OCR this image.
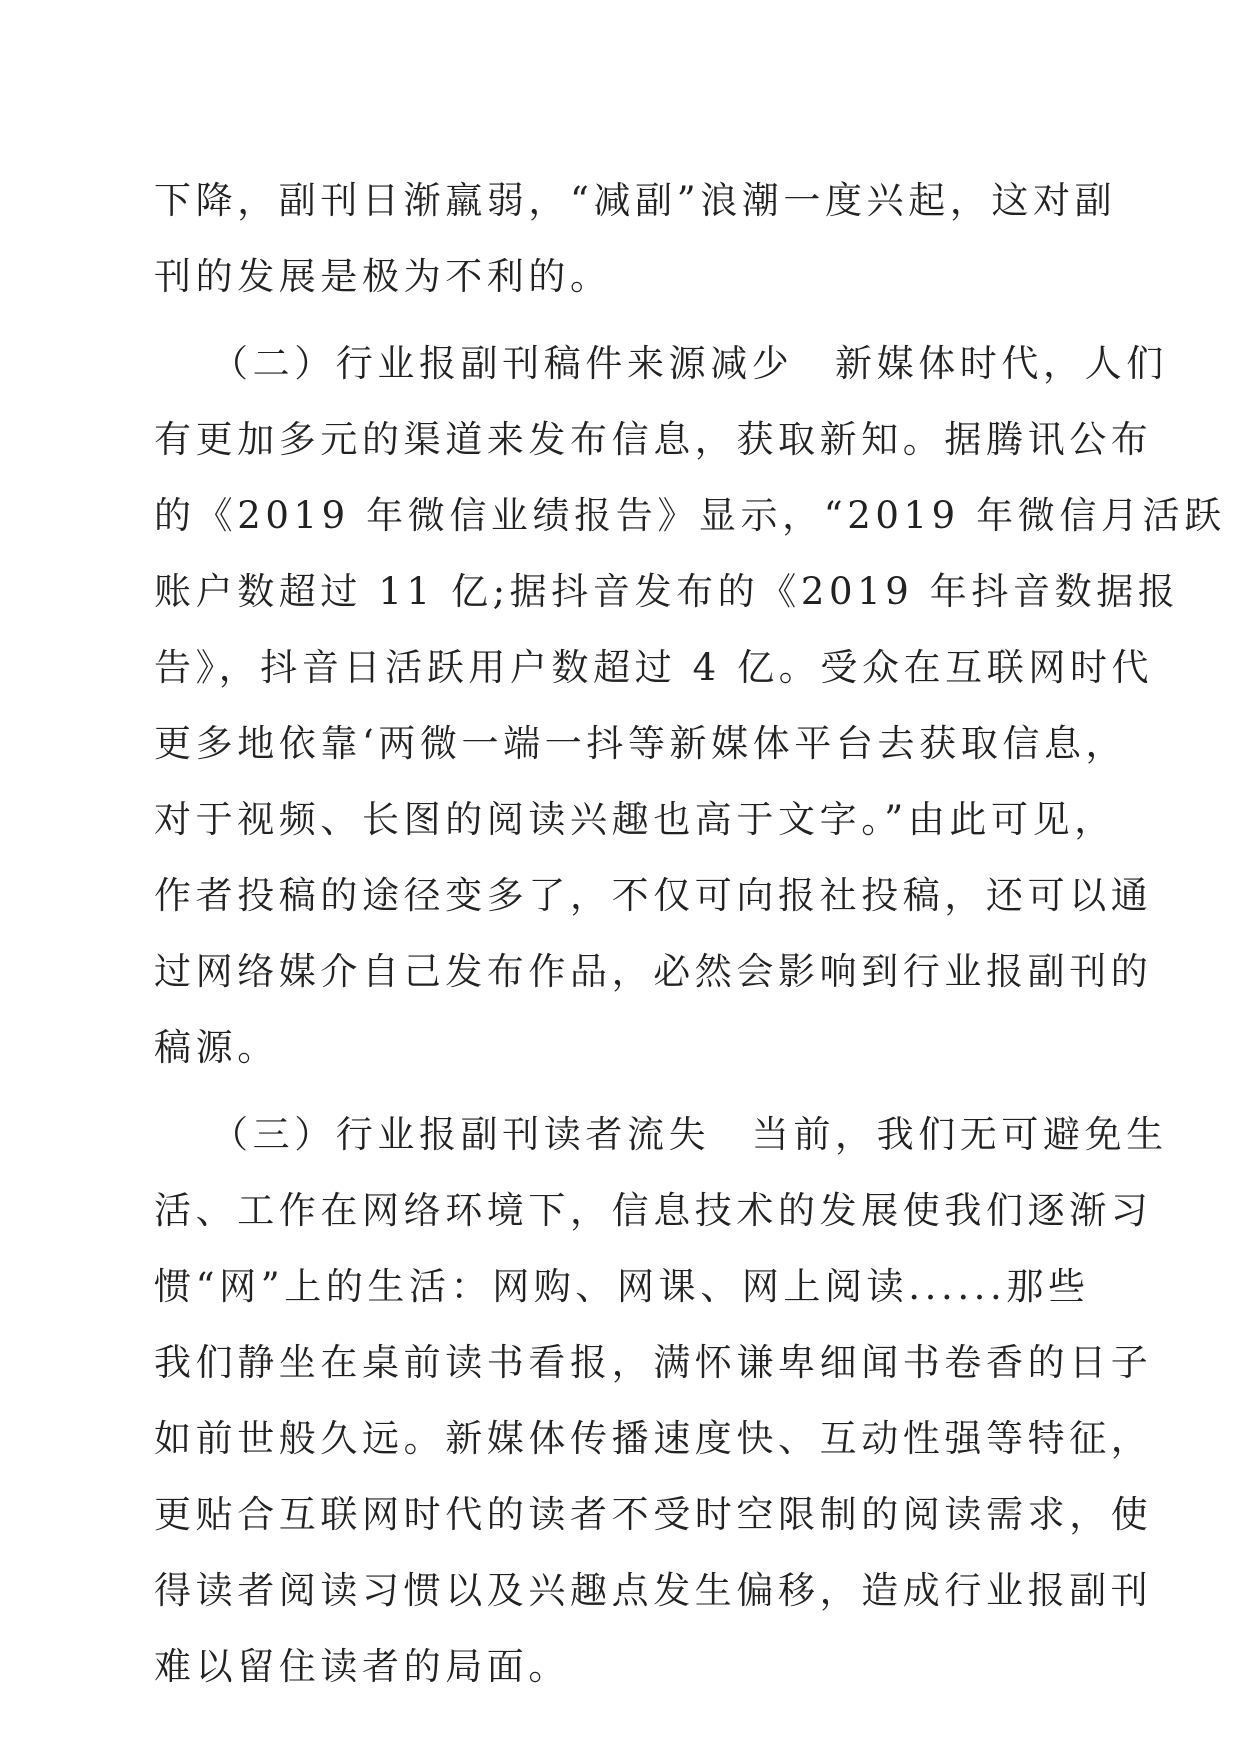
下降，副刊日渐羸弱，“减副”浪潮一度兴起，这对副
刊的发展是极为不利的。
（二）行业报副刊稿件来源减少　新媒体时代，人们
有更加多元的渠道来发布信息，获取新知。据腾讯公布
的《2019 年微信业绩报告》显示，“2019 年微信月活跃
账户数超过 11 亿;据抖音发布的《2019 年抖音数据报
告》，抖音日活跃用户数超过 4 亿。受众在互联网时代
更多地依靠‘两微一端一抖等新媒体平台去获取信息，
对于视频、长图的阅读兴趣也高于文字。”由此可见，
作者投稿的途径变多了，不仅可向报社投稿，还可以通
过网络媒介自己发布作品，必然会影响到行业报副刊的
稿源。
（三）行业报副刊读者流失　当前，我们无可避免生
活、工作在网络环境下，信息技术的发展使我们逐渐习
惯“网”上的生活：网购、网课、网上阅读......那些
我们静坐在桌前读书看报，满怀谦卑细闻书卷香的日子
如前世般久远。新媒体传播速度快、互动性强等特征，
更贴合互联网时代的读者不受时空限制的阅读需求，使
得读者阅读习惯以及兴趣点发生偏移，造成行业报副刊
难以留住读者的局面。
